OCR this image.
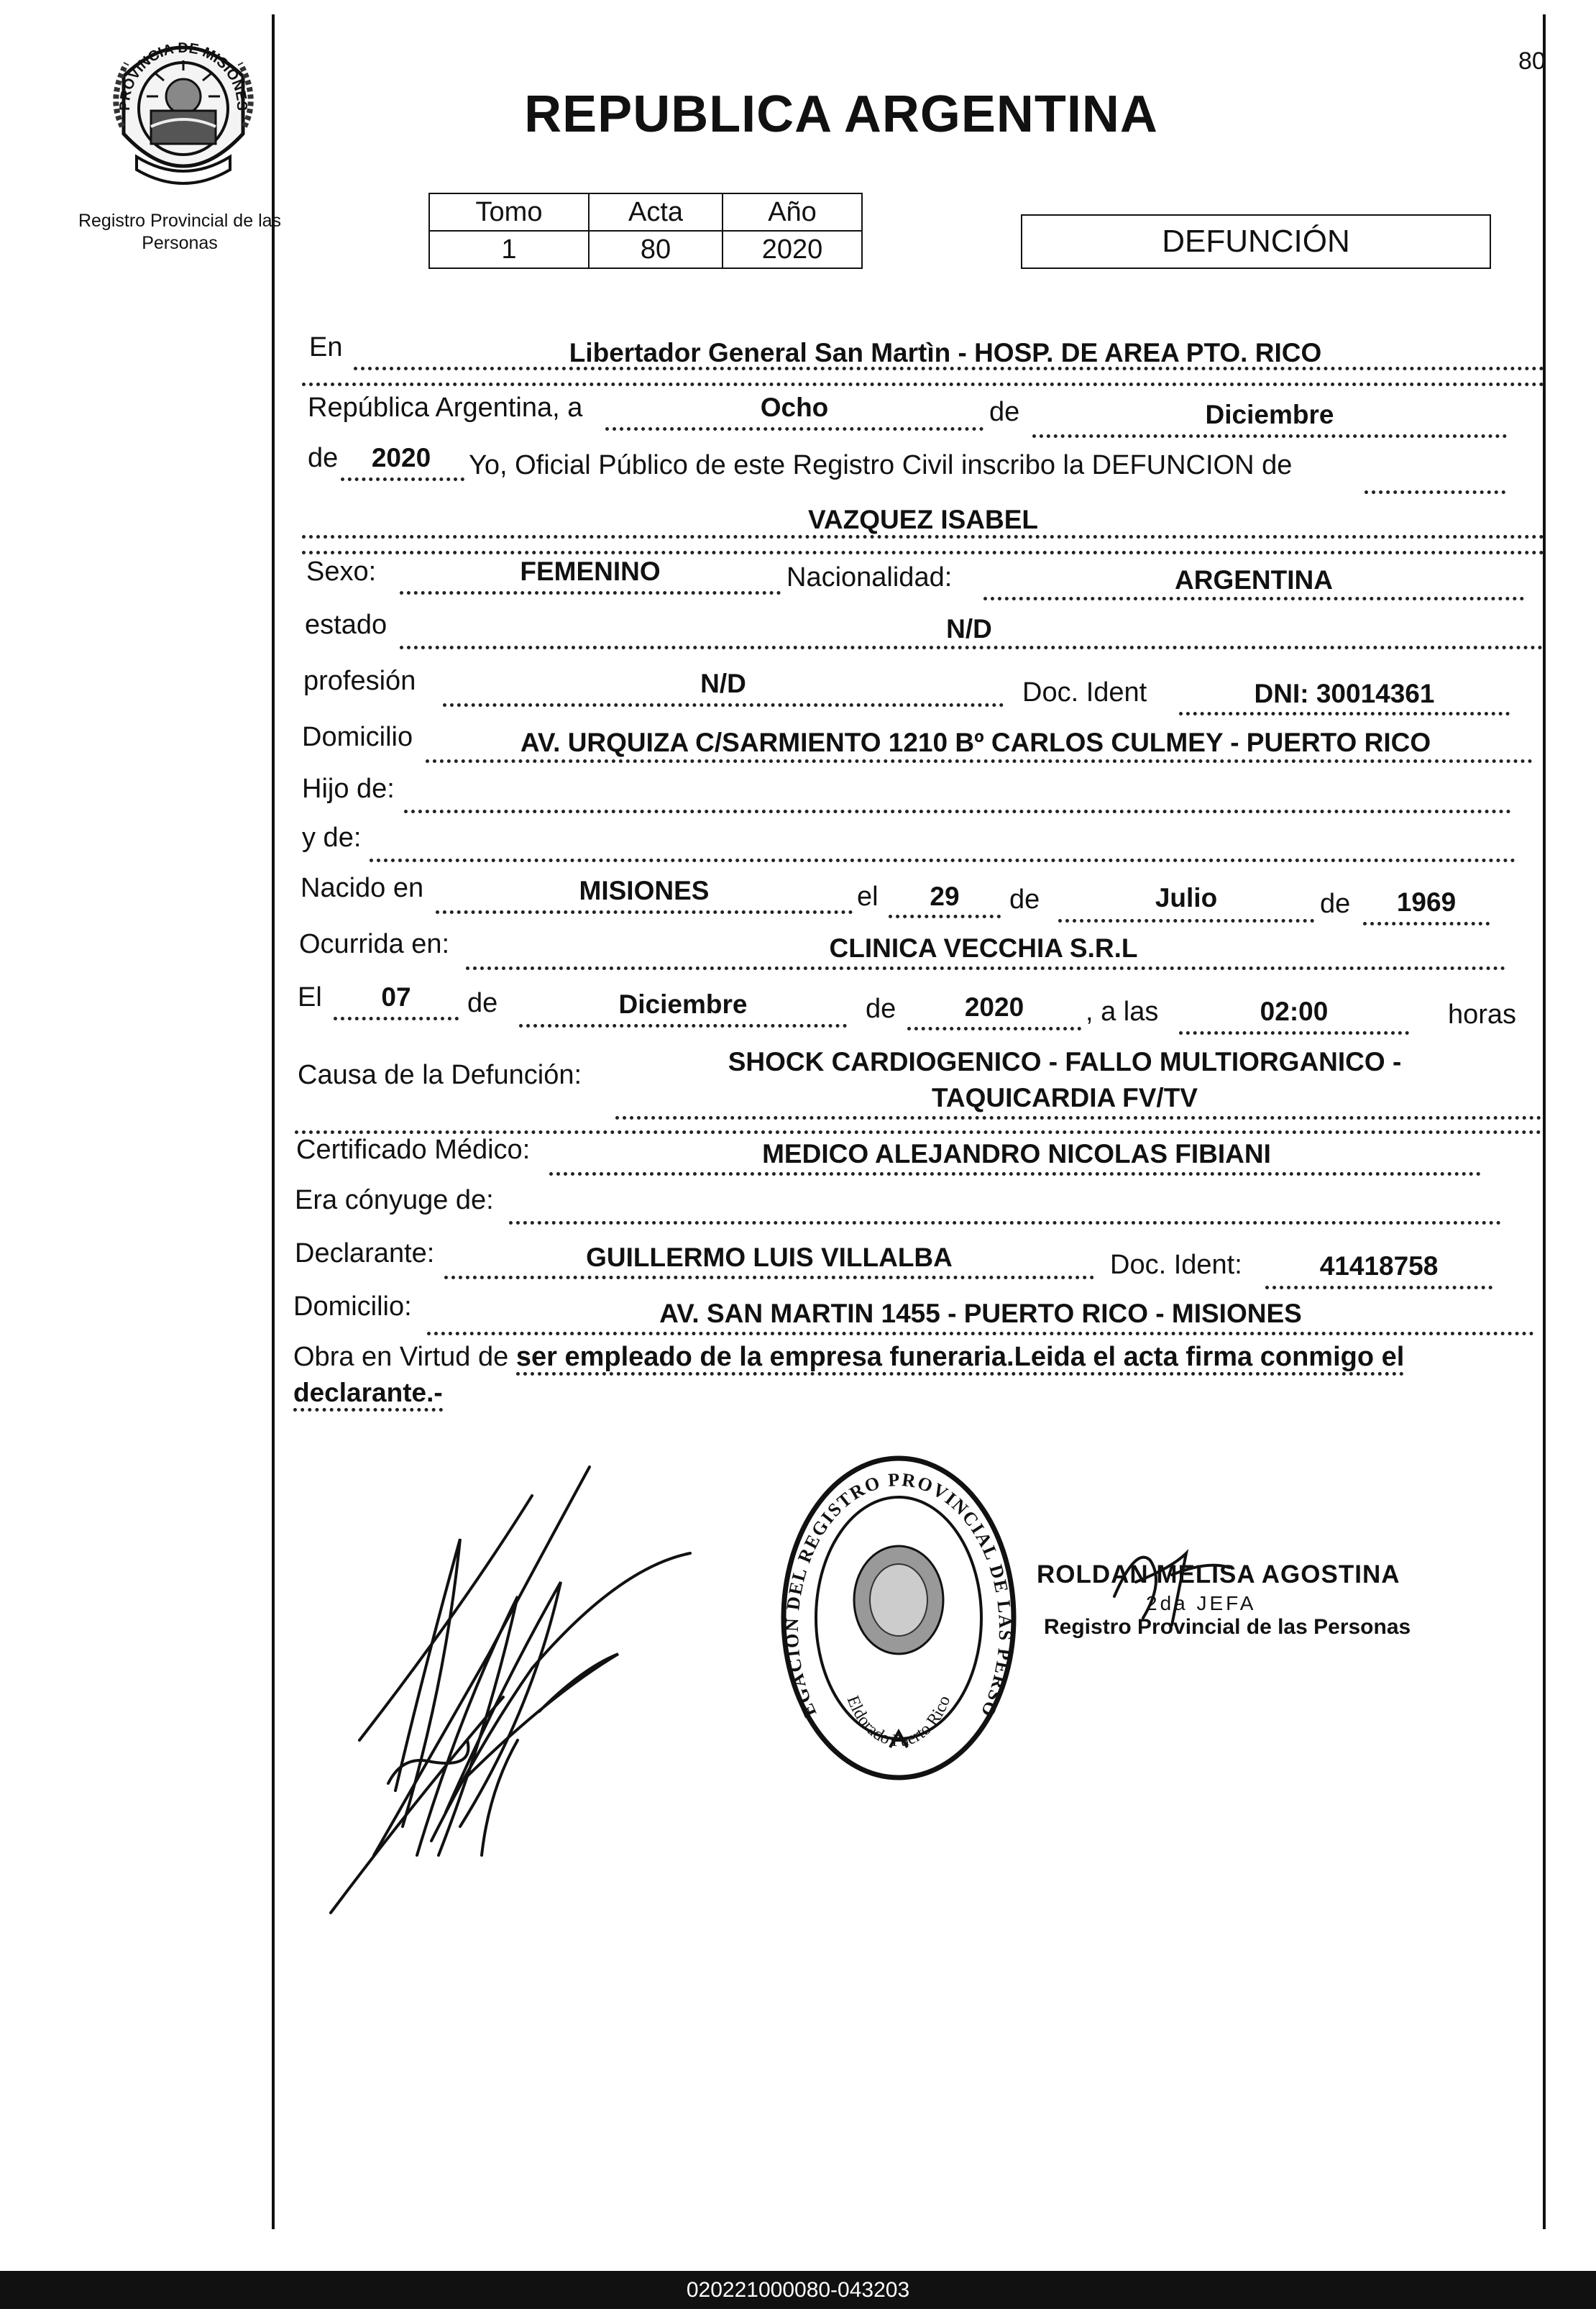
PROVINCIA DE MISIONES
Registro Provincial de las Personas
REPUBLICA ARGENTINA
80
Tomo	Acta	Año
1	80	2020	DEFUNCIÓN
En	Libertador General San Martìn - HOSP. DE AREA PTO. RICO
República Argentina, a	Ocho	de	Diciembre
de	2020	Yo, Oficial Público de este Registro Civil inscribo la DEFUNCION de
VAZQUEZ ISABEL
Sexo:	FEMENINO	Nacionalidad:	ARGENTINA
estado	N/D
profesión	N/D	Doc. Ident	DNI: 30014361
Domicilio	AV. URQUIZA C/SARMIENTO 1210 Bº CARLOS CULMEY - PUERTO RICO
Hijo de:
y de:
Nacido en	MISIONES	el	29	de	Julio	de	1969
Ocurrida en:	CLINICA VECCHIA S.R.L
El	07	de	Diciembre	de	2020	, a las	02:00	horas
Causa de la Defunción:	SHOCK CARDIOGENICO - FALLO MULTIORGANICO -
TAQUICARDIA FV/TV
Certificado Médico:	MEDICO ALEJANDRO NICOLAS FIBIANI
Era cónyuge de:
Declarante:	GUILLERMO LUIS VILLALBA	Doc. Ident:	41418758
Domicilio:	AV. SAN MARTIN 1455 - PUERTO RICO - MISIONES
Obra en Virtud de ser empleado de la empresa funeraria.Leida el acta firma conmigo el
declarante.-
EGACION DEL REGISTRO PROVINCIAL DE LAS PERSO
Eldorado Puerto Rico
ROLDAN MELISA AGOSTINA
2da JEFA
Registro Provincial de las Personas
020221000080-043203
